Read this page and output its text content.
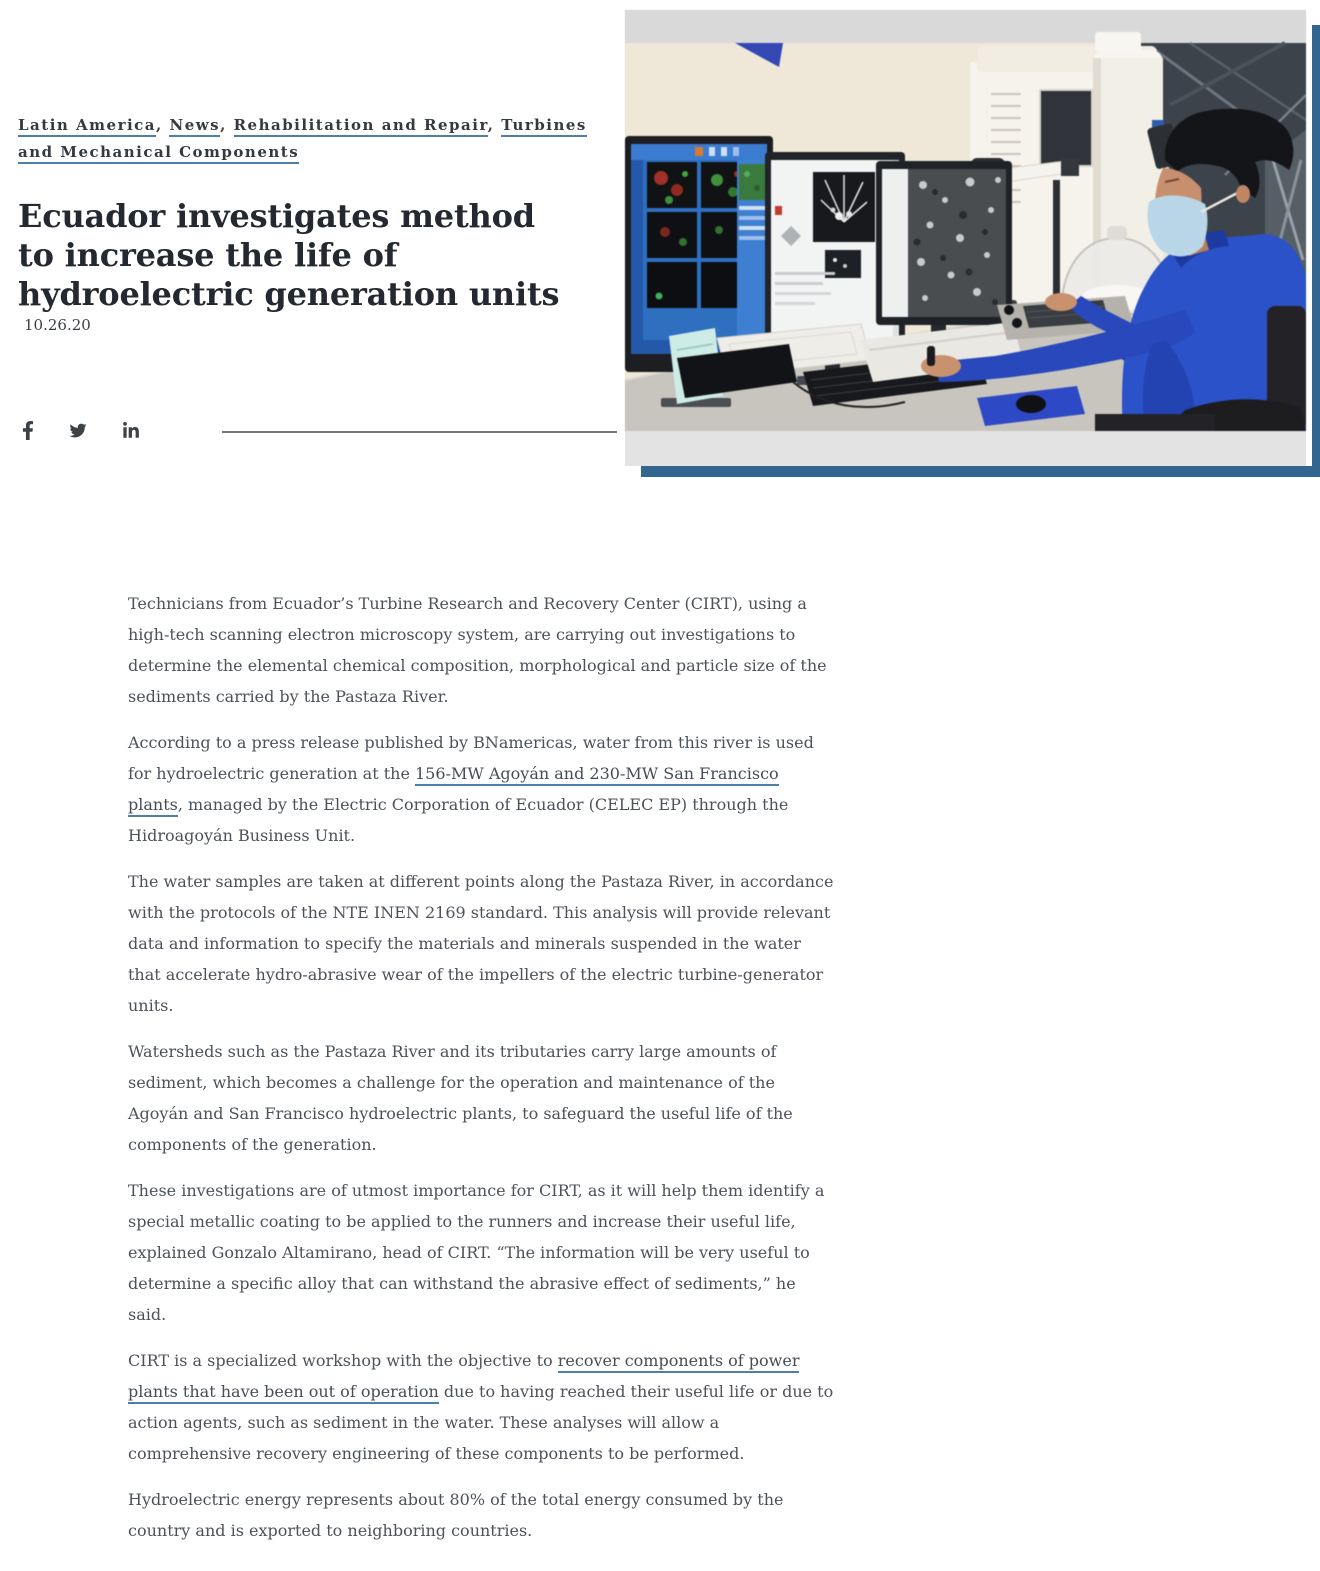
Latin America, News, Rehabilitation and Repair, Turbines and Mechanical Components
Ecuador investigates method
to increase the life of
hydroelectric generation units
10.26.20

Technicians from Ecuador’s Turbine Research and Recovery Center (CIRT), using a high-tech scanning electron microscopy system, are carrying out investigations to determine the elemental chemical composition, morphological and particle size of the sediments carried by the Pastaza River.

According to a press release published by BNamericas, water from this river is used for hydroelectric generation at the 156-MW Agoyán and 230-MW San Francisco plants, managed by the Electric Corporation of Ecuador (CELEC EP) through the Hidroagoyán Business Unit.

The water samples are taken at different points along the Pastaza River, in accordance with the protocols of the NTE INEN 2169 standard. This analysis will provide relevant data and information to specify the materials and minerals suspended in the water that accelerate hydro-abrasive wear of the impellers of the electric turbine-generator units.

Watersheds such as the Pastaza River and its tributaries carry large amounts of sediment, which becomes a challenge for the operation and maintenance of the Agoyán and San Francisco hydroelectric plants, to safeguard the useful life of the components of the generation.

These investigations are of utmost importance for CIRT, as it will help them identify a special metallic coating to be applied to the runners and increase their useful life, explained Gonzalo Altamirano, head of CIRT. “The information will be very useful to determine a specific alloy that can withstand the abrasive effect of sediments,” he said.

CIRT is a specialized workshop with the objective to recover components of power plants that have been out of operation due to having reached their useful life or due to action agents, such as sediment in the water. These analyses will allow a comprehensive recovery engineering of these components to be performed.

Hydroelectric energy represents about 80% of the total energy consumed by the country and is exported to neighboring countries.
